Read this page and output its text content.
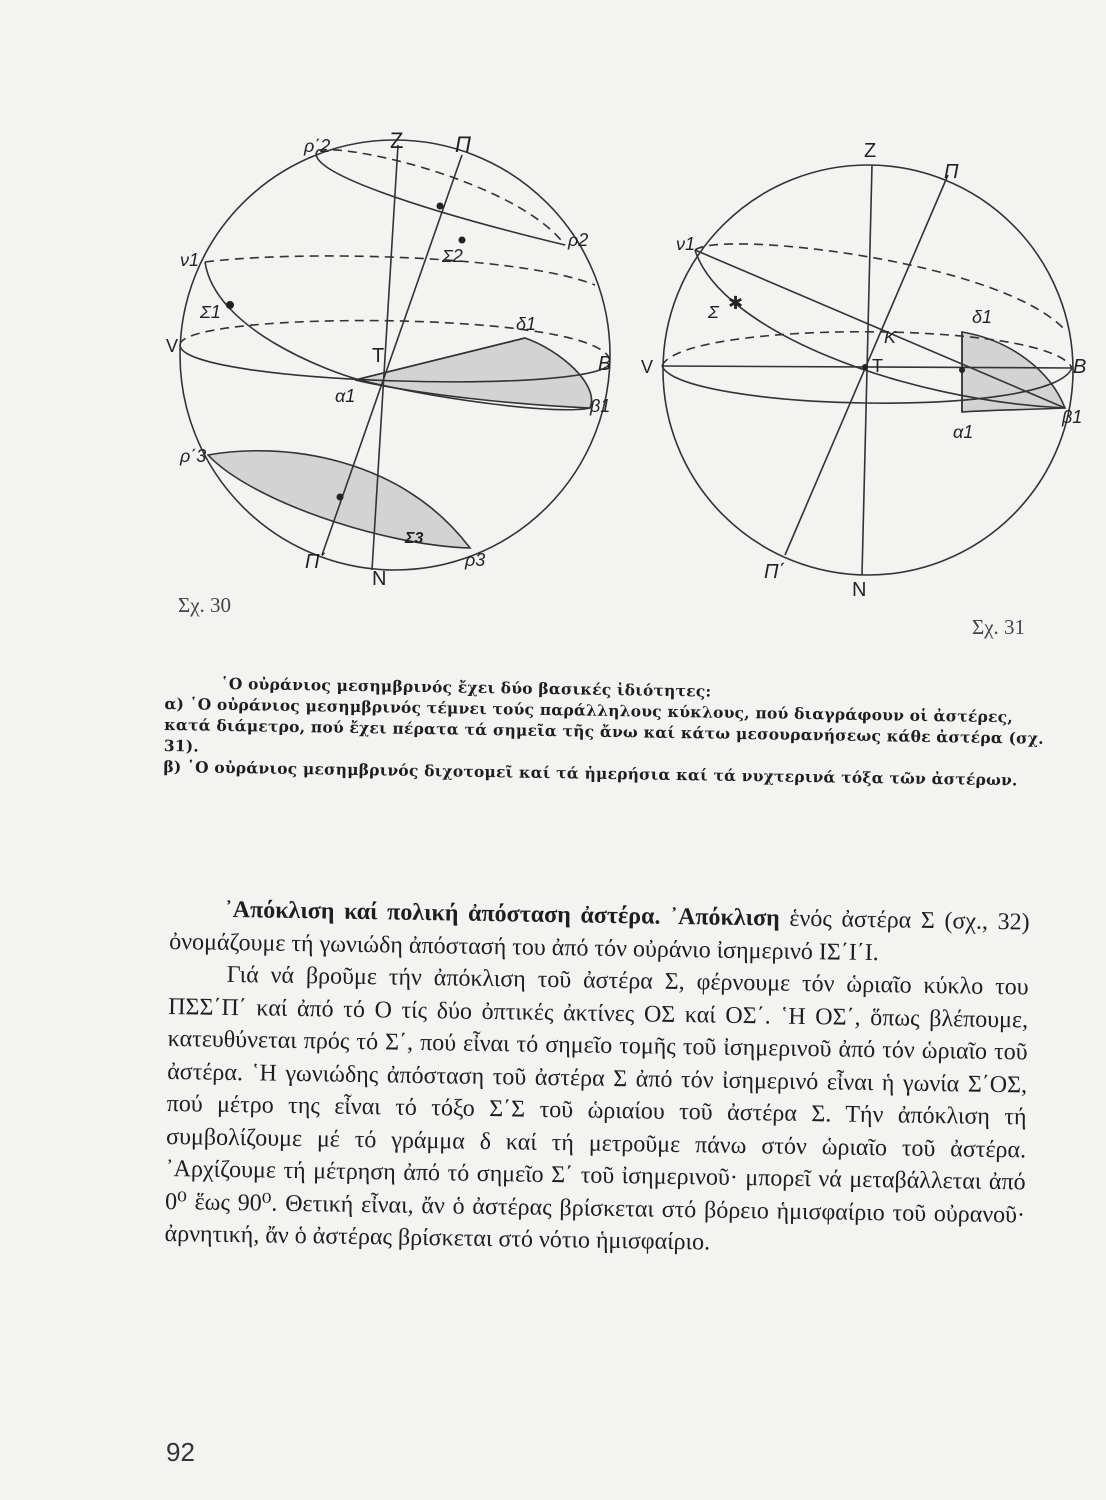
Z
N
Π
Π΄
Β
V	Τ
α1	β1
ν1
δ1
Σ1
Σ2
Σ3
ρ2
ρ΄2
ρ3
ρ΄3
Σχ. 30
Z
N
Π
Π΄
Β
V	Τ
Κ
α1
β1
ν1
δ1
Σ ✱
Σχ. 31

῾Ο οὐράνιος μεσημβρινός ἔχει δύο βασικές ἰδιότητες:

α) ῾Ο οὐράνιος μεσημβρινός τέμνει τούς παράλληλους κύκλους, πού διαγράφουν οἱ ἀστέρες, κατά διάμετρο, πού ἔχει πέρατα τά σημεῖα τῆς ἄνω καί κάτω μεσουρανήσεως κάθε ἀστέρα (σχ. 31).

β) ῾Ο οὐράνιος μεσημβρινός διχοτομεῖ καί τά ἡμερήσια καί τά νυχτερινά τόξα τῶν ἀστέρων.

᾿Απόκλιση καί πολική ἀπόσταση ἀστέρα. ᾿Απόκλιση ἑνός ἀστέρα Σ (σχ., 32) ὀνομάζουμε τή γωνιώδη ἀπόστασή του ἀπό τόν οὐράνιο ἰσημερινό ΙΣ΄Ι΄Ι.

Γιά νά βροῦμε τήν ἀπόκλιση τοῦ ἀστέρα Σ, φέρνουμε τόν ὡριαῖο κύκλο του ΠΣΣ΄Π΄ καί ἀπό τό Ο τίς δύο ὀπτικές ἀκτίνες ΟΣ καί ΟΣ΄. ῾Η ΟΣ΄, ὅπως βλέπουμε, κατευθύνεται πρός τό Σ΄, πού εἶναι τό σημεῖο τομῆς τοῦ ἰσημερινοῦ ἀπό τόν ὡριαῖο τοῦ ἀστέρα. ῾Η γωνιώδης ἀπόσταση τοῦ ἀστέρα Σ ἀπό τόν ἰσημερινό εἶναι ἡ γωνία Σ΄ΟΣ, πού μέτρο της εἶναι τό τόξο Σ΄Σ τοῦ ὡριαίου τοῦ ἀστέρα Σ. Τήν ἀπόκλιση τή συμβολίζουμε μέ τό γράμμα δ καί τή μετροῦμε πάνω στόν ὡριαῖο τοῦ ἀστέρα. ᾿Αρχίζουμε τή μέτρηση ἀπό τό σημεῖο Σ΄ τοῦ ἰσημερινοῦ· μπορεῖ νά μεταβάλλεται ἀπό 0⁰ ἕως 90⁰. Θετική εἶναι, ἄν ὁ ἀστέρας βρίσκεται στό βόρειο ἡμισφαίριο τοῦ οὐρανοῦ· ἀρνητική, ἄν ὁ ἀστέρας βρίσκεται στό νότιο ἡμισφαίριο.

92
